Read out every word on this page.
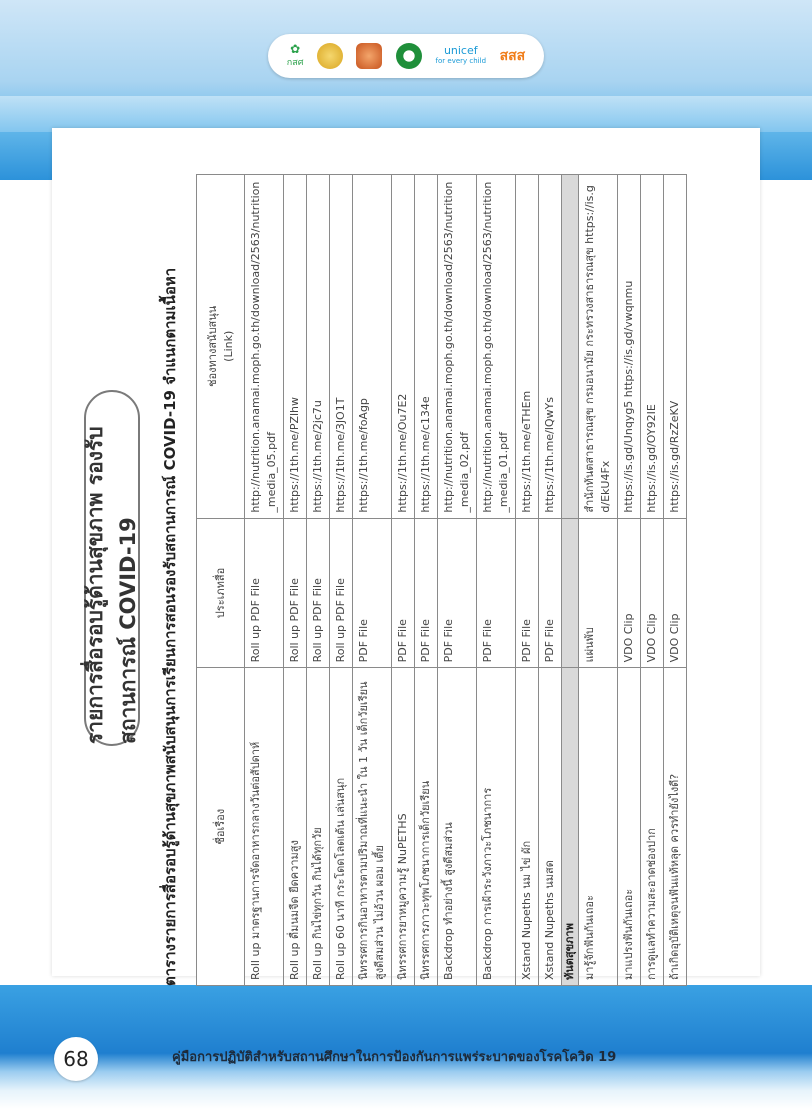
✿
กสศ
unicef
for every child สสส
รายการสื่อรอบรู้ด้านสุขภาพ รองรับสถานการณ์ COVID-19 ตารางรายการสื่อรอบรู้ด้านสุขภาพสนับสนุนการเรียนการสอนรองรับสถานการณ์ COVID-19 จำแนกตามเนื้อหา	ชื่อเรื่อง	ประเภทสื่อ	ช่องทางสนับสนุน
(Link)
Roll up มาตรฐานการจัดอาหารกลางวันต่อสัปดาห์	Roll up PDF File	http://nutrition.anamai.moph.go.th/download/2563/nutrition_media_05.pdf
Roll up ดื่มนมจืด ยืดความสูง	Roll up PDF File	https://1th.me/PZlhw
Roll up กินไข่ทุกวัน กินได้ทุกวัย	Roll up PDF File	https://1th.me/2jc7u
Roll up 60 นาที กระโดดโลดเต้น เล่นสนุก	Roll up PDF File	https://1th.me/3JO1T
นิทรรศการกินอาหารตามปริมาณที่แนะนำ ใน 1 วัน เด็กวัยเรียนสูงดีสมส่วน ไม่อ้วน ผอม เตี้ย	PDF File	https://1th.me/foAgp
นิทรรศการยาหมูความรู้ NuPETHS	PDF File	https://1th.me/Ou7E2
นิทรรศการภาวะทุพโภชนาการเด็กวัยเรียน	PDF File	https://1th.me/c134e
Backdrop ทำอย่างนี้ สูงดีสมส่วน	PDF File	http://nutrition.anamai.moph.go.th/download/2563/nutrition_media_02.pdf
Backdrop การเฝ้าระวังภาวะโภชนาการ	PDF File	http://nutrition.anamai.moph.go.th/download/2563/nutrition_media_01.pdf
Xstand Nupeths นม ไข่ ผัก	PDF File	https://1th.me/eTHEm
Xstand Nupeths นมสด	PDF File	https://1th.me/lQwYs
ทันตสุขภาพ		
มารู้จักฟันกันเถอะ	แผ่นพับ	สำนักทันตสาธารณสุข กรมอนามัย กระทรวงสาธารณสุข https://is.gd/EkU4Fx
มาแปรงฟันกันเถอะ	VDO Clip	https://is.gd/Unqyg5 https://is.gd/vwqnmu
การดูแลทำความสะอาดช่องปาก	VDO Clip	https://is.gd/OY92IE
ถ้าเกิดอุบัติเหตุจนฟันแท้หลุด ควรทำยังไงดี?	VDO Clip	https://is.gd/RzZeKV
68	คู่มือการปฏิบัติสำหรับสถานศึกษาในการป้องกันการแพร่ระบาดของโรคโควิด 19
